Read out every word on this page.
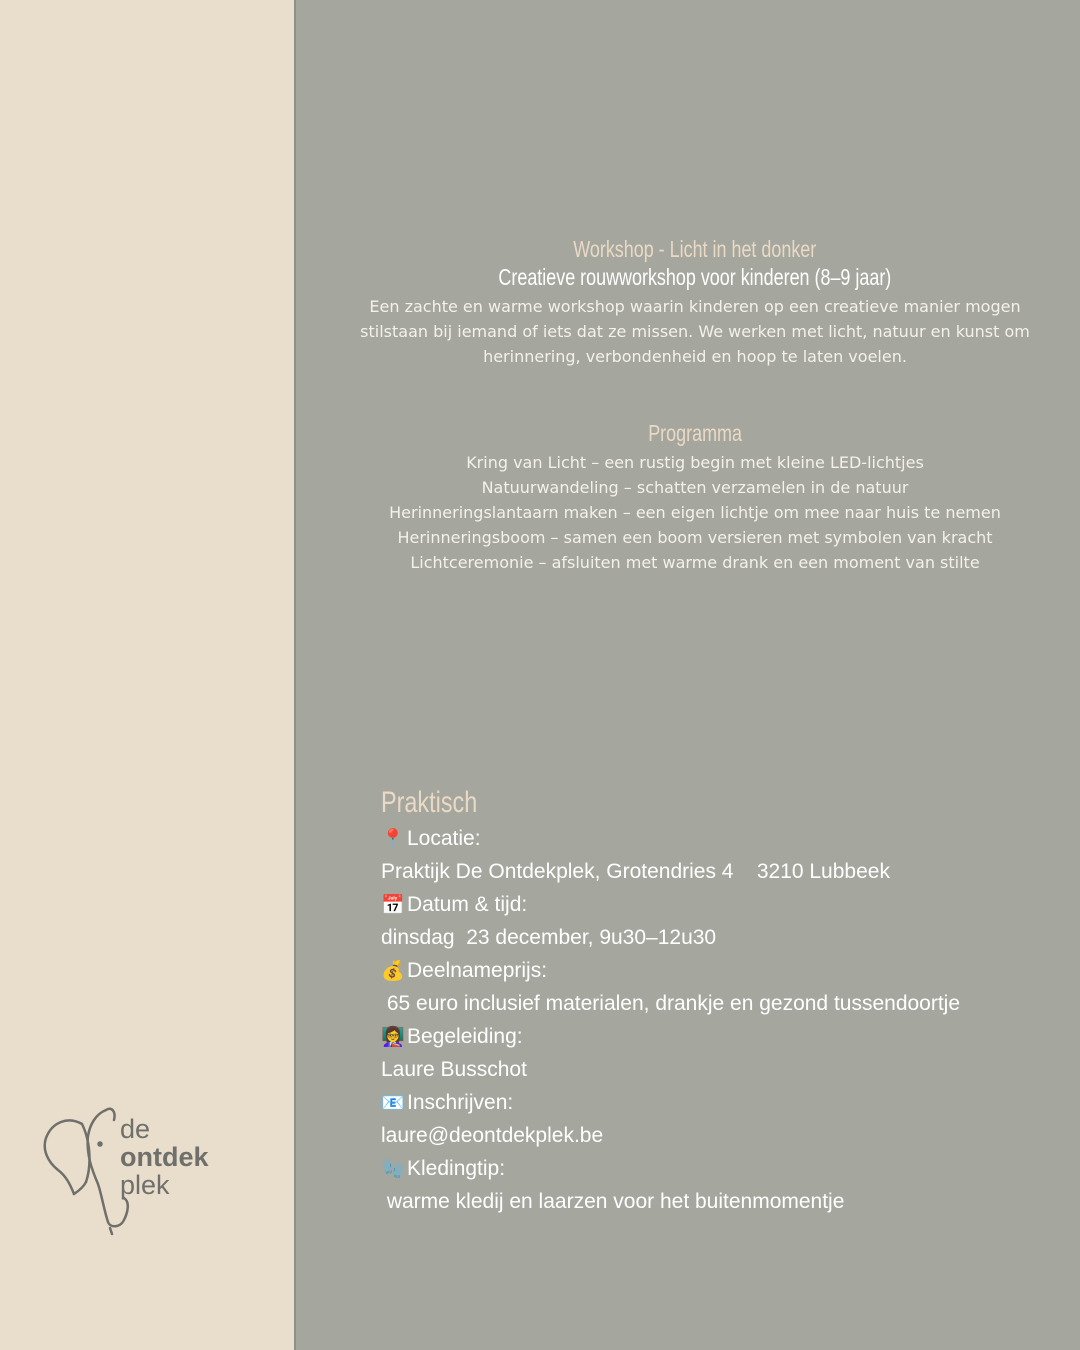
Workshop - Licht in het donker
Creatieve rouwworkshop voor kinderen (8–9 jaar)
Een zachte en warme workshop waarin kinderen op een creatieve manier mogen
stilstaan bij iemand of iets dat ze missen. We werken met licht, natuur en kunst om
herinnering, verbondenheid en hoop te laten voelen.
Programma
Kring van Licht – een rustig begin met kleine LED-lichtjes
Natuurwandeling – schatten verzamelen in de natuur
Herinneringslantaarn maken – een eigen lichtje om mee naar huis te nemen
Herinneringsboom – samen een boom versieren met symbolen van kracht
Lichtceremonie – afsluiten met warme drank en een moment van stilte
Praktisch
📍 Locatie:
Praktijk De Ontdekplek, Grotendries 4    3210 Lubbeek
📅 Datum & tijd:
dinsdag  23 december, 9u30–12u30
💰 Deelnameprijs:
65 euro inclusief materialen, drankje en gezond tussendoortje
👩‍🏫 Begeleiding:
Laure Busschot
📧 Inschrijven:
laure@deontdekplek.be
🧤 Kledingtip:
warme kledij en laarzen voor het buitenmomentje
de
ontdek
plek
